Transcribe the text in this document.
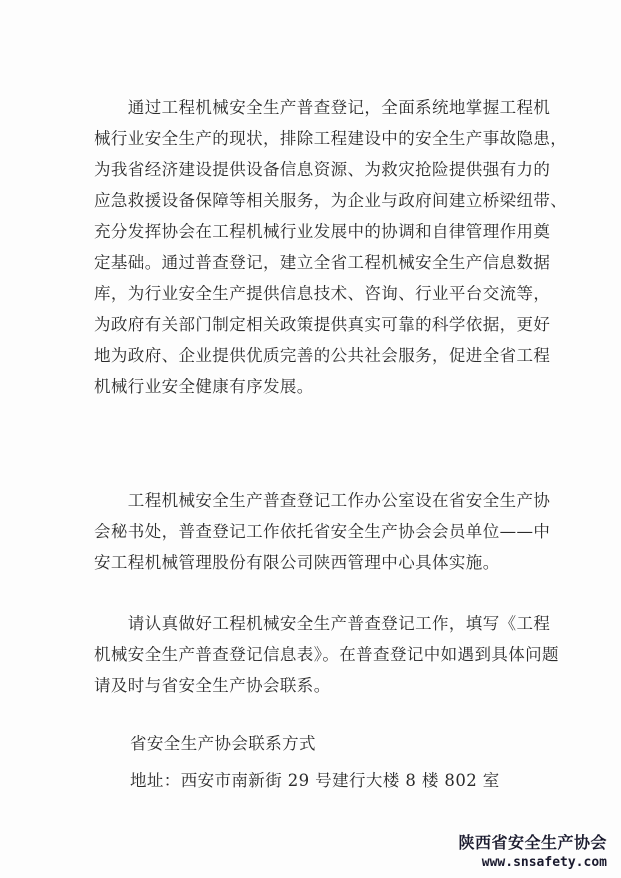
　　通过工程机械安全生产普查登记，全面系统地掌握工程机
械行业安全生产的现状，排除工程建设中的安全生产事故隐患，
为我省经济建设提供设备信息资源、为救灾抢险提供强有力的
应急救援设备保障等相关服务，为企业与政府间建立桥梁纽带、
充分发挥协会在工程机械行业发展中的协调和自律管理作用奠
定基础。通过普查登记，建立全省工程机械安全生产信息数据
库，为行业安全生产提供信息技术、咨询、行业平台交流等，
为政府有关部门制定相关政策提供真实可靠的科学依据，更好
地为政府、企业提供优质完善的公共社会服务，促进全省工程
机械行业安全健康有序发展。
　　工程机械安全生产普查登记工作办公室设在省安全生产协
会秘书处，普查登记工作依托省安全生产协会会员单位——中
安工程机械管理股份有限公司陕西管理中心具体实施。
　　请认真做好工程机械安全生产普查登记工作，填写《工程
机械安全生产普查登记信息表》。在普查登记中如遇到具体问题
请及时与省安全生产协会联系。
省安全生产协会联系方式
地址：西安市南新街 29 号建行大楼 8 楼 802 室
陕西省安全生产协会
www.snsafety.com
